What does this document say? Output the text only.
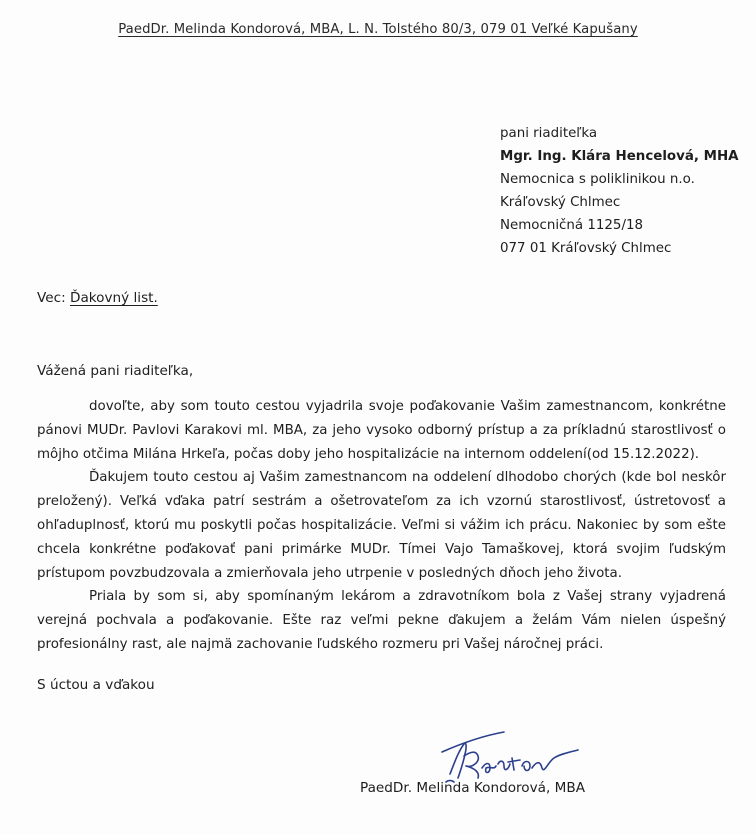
PaedDr. Melinda Kondorová, MBA, L. N. Tolstého 80/3, 079 01 Veľké Kapušany
pani riaditeľka
Mgr. Ing. Klára Hencelová, MHA
Nemocnica s poliklinikou n.o.
Kráľovský Chlmec
Nemocničná 1125/18
077 01 Kráľovský Chlmec
Vec: Ďakovný list.
Vážená pani riaditeľka,

dovoľte, aby som touto cestou vyjadrila svoje poďakovanie Vašim zamestnancom, konkrétne pánovi MUDr. Pavlovi Karakovi ml. MBA, za jeho vysoko odborný prístup a za príkladnú starostlivosť o môjho otčima Milána Hrkeľa, počas doby jeho hospitalizácie na internom oddelení(od 15.12.2022).

Ďakujem touto cestou aj Vašim zamestnancom na oddelení dlhodobo chorých (kde bol neskôr preložený). Veľká vďaka patrí sestrám a ošetrovateľom za ich vzornú starostlivosť, ústretovosť a ohľaduplnosť, ktorú mu poskytli počas hospitalizácie. Veľmi si vážim ich prácu. Nakoniec by som ešte chcela konkrétne poďakovať pani primárke MUDr. Tímei Vajo Tamaškovej, ktorá svojim ľudským prístupom povzbudzovala a zmierňovala jeho utrpenie v posledných dňoch jeho života.

Priala by som si, aby spomínaným lekárom a zdravotníkom bola z Vašej strany vyjadrená verejná pochvala a poďakovanie. Ešte raz veľmi pekne ďakujem a želám Vám nielen úspešný profesionálny rast, ale najmä zachovanie ľudského rozmeru pri Vašej náročnej práci.

S úctou a vďakou
PaedDr. Melinda Kondorová, MBA
